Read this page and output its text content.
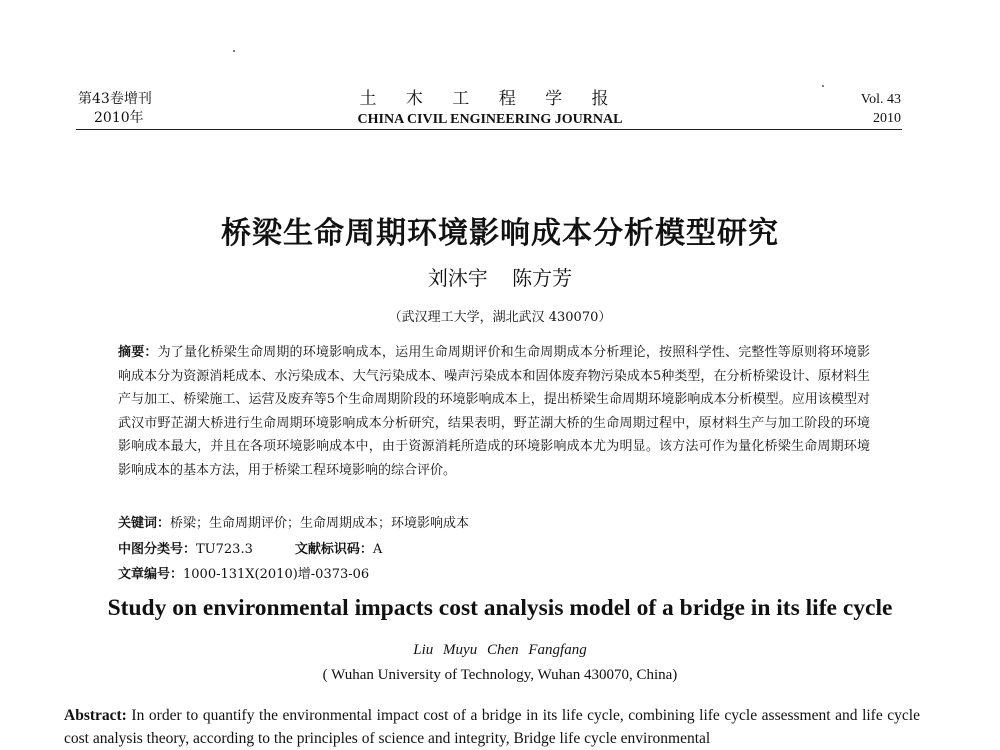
第43卷增刊
2010年
土 木 工 程 学 报
CHINA CIVIL ENGINEERING JOURNAL
Vol. 43
2010
桥梁生命周期环境影响成本分析模型研究
刘沐宇 陈方芳
（武汉理工大学，湖北武汉 430070）
摘要：为了量化桥梁生命周期的环境影响成本，运用生命周期评价和生命周期成本分析理论，按照科学性、完整性等原则将环境影响成本分为资源消耗成本、水污染成本、大气污染成本、噪声污染成本和固体废弃物污染成本5种类型，在分析桥梁设计、原材料生产与加工、桥梁施工、运营及废弃等5个生命周期阶段的环境影响成本上，提出桥梁生命周期环境影响成本分析模型。应用该模型对武汉市野芷湖大桥进行生命周期环境影响成本分析研究，结果表明，野芷湖大桥的生命周期过程中，原材料生产与加工阶段的环境影响成本最大，并且在各项环境影响成本中，由于资源消耗所造成的环境影响成本尤为明显。该方法可作为量化桥梁生命周期环境影响成本的基本方法，用于桥梁工程环境影响的综合评价。
关键词：桥梁；生命周期评价；生命周期成本；环境影响成本
中图分类号：TU723.3	文献标识码：A
文章编号：1000-131X(2010)增-0373-06
Study on environmental impacts cost analysis model of a bridge in its life cycle
Liu Muyu Chen Fangfang
( Wuhan University of Technology, Wuhan 430070, China)
Abstract: In order to quantify the environmental impact cost of a bridge in its life cycle, combining life cycle assessment and life cycle cost analysis theory, according to the principles of science and integrity, Bridge life cycle environmental
